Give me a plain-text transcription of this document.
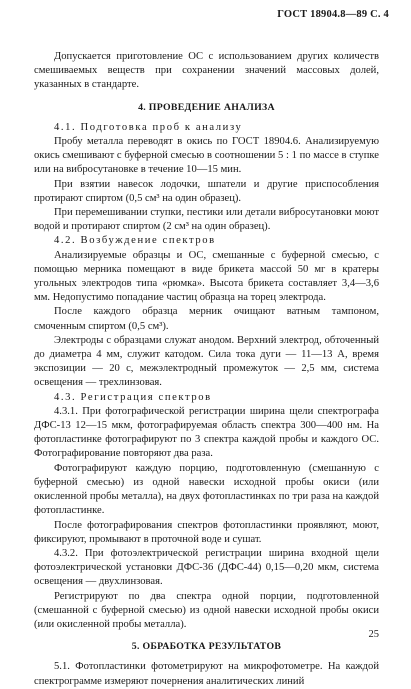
ГОСТ 18904.8—89 С. 4

Допускается приготовление ОС с использованием других количеств смешиваемых веществ при сохранении значений массовых долей, указанных в стандарте.

4. ПРОВЕДЕНИЕ АНАЛИЗА

4.1. Подготовка проб к анализу

Пробу металла переводят в окись по ГОСТ 18904.6. Анализируемую окись смешивают с буферной смесью в соотношении 5 : 1 по массе в ступке или на вибросутановке в течение 10—15 мин.

При взятии навесок лодочки, шпатели и другие приспособления протирают спиртом (0,5 см³ на один образец).

При перемешивании ступки, пестики или детали вибросутановки моют водой и протирают спиртом (2 см³ на один образец).

4.2. Возбуждение спектров

Анализируемые образцы и ОС, смешанные с буферной смесью, с помощью мерника помещают в виде брикета массой 50 мг в кратеры угольных электродов типа «рюмка». Высота брикета составляет 3,4—3,6 мм. Недопустимо попадание частиц образца на торец электрода.

После каждого образца мерник очищают ватным тампоном, смоченным спиртом (0,5 см³).

Электроды с образцами служат анодом. Верхний электрод, обточенный до диаметра 4 мм, служит катодом. Сила тока дуги — 11—13 А, время экспозиции — 20 с, межэлектродный промежуток — 2,5 мм, система освещения — трехлинзовая.

4.3. Регистрация спектров

4.3.1. При фотографической регистрации ширина щели спектрографа ДФС-13 12—15 мкм, фотографируемая область спектра 300—400 нм. На фотопластинке фотографируют по 3 спектра каждой пробы и каждого ОС. Фотографирование повторяют два раза.

Фотографируют каждую порцию, подготовленную (смешанную с буферной смесью) из одной навески исходной пробы окиси (или окисленной пробы металла), на двух фотопластинках по три раза на каждой фотопластинке.

После фотографирования спектров фотопластинки проявляют, моют, фиксируют, промывают в проточной воде и сушат.

4.3.2. При фотоэлектрической регистрации ширина входной щели фотоэлектрической установки ДФС-36 (ДФС-44) 0,15—0,20 мкм, система освещения — двухлинзовая.

Регистрируют по два спектра одной порции, подготовленной (смешанной с буферной смесью) из одной навески исходной пробы окиси (или окисленной пробы металла).

5. ОБРАБОТКА РЕЗУЛЬТАТОВ

5.1. Фотопластинки фотометрируют на микрофотометре. На каждой спектрограмме измеряют почернения аналитических линий

25
